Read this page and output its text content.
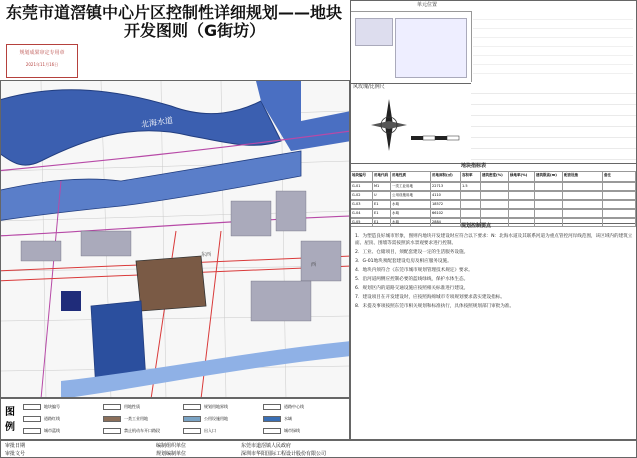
东莞市道滘镇中心片区控制性详细规划——地块
开发图则（G街坊）
规划成果审定专用章
2021年11月16日
北海水道
东西
西
图
例
地块编号	用地性质	规划用地界线	道路中心线
道路红线	一类工业用地	公用设施用地	水域
城市蓝线	禁止机动车开口路段	出入口	城市绿线
审批日期	编制组织单位	东莞市道滘镇人民政府
审批文号	规划编制单位	深圳市华阳国际工程设计股份有限公司
单元位置
风玫瑰/比例尺
地块指标表
地块编号	用地代码	用地性质	用地面积(㎡)	容积率	建筑密度(%)	绿地率(%)	建筑限高(m)	配套设施	备注
G-01	M1	一类工业用地	22713	1.5
G-02	U	公用设施用地	4110
G-03	E1	水域	18572
G-04	E1	水域	66102
G-05	E1	水域	2884
规划控制要点
1．为塑造良好城市形象，图则内地块开发建设时应符合以下要求：N：北海水道及其联系河道为重点管控河岸线范围，该区域内的建筑立面、屋顶、围墙等需按照滨水景观要求进行控制。
2．工业、仓储项目，须配套建设一定的生活服务设施。
3．G-01地块须配套建设电房及相应服务设施。
4．地块内须符合《东莞市城市规划管理技术规定》要求。
5．沿河道两侧应控制必要的蓝线绿线，保护水体生态。
6．规划区内的道路交通设施应按照相关标准进行建设。
7．建设项目在开发建设时，应按照海绵城市专项规划要求落实建设指标。
8．未提及事项按照东莞市相关规划和标准执行，具体按照规划部门审批为准。
